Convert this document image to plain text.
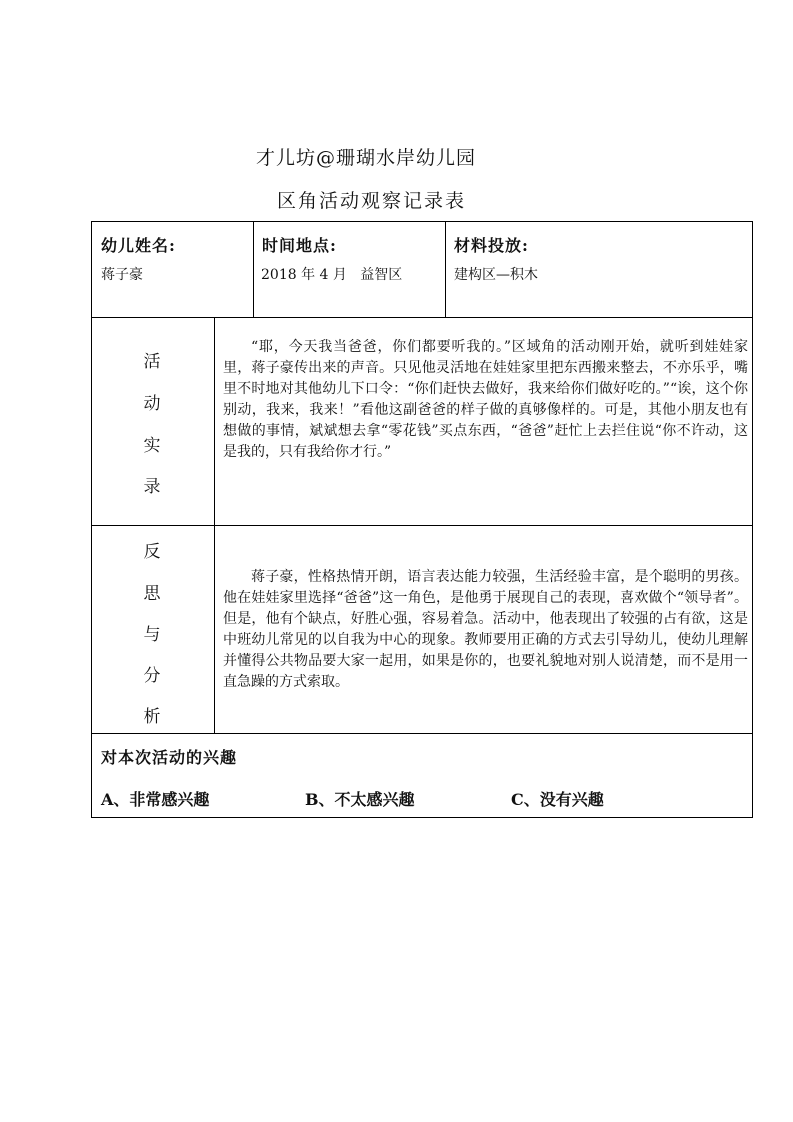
才儿坊@珊瑚水岸幼儿园
区角活动观察记录表
幼儿姓名:
蒋子豪
时间地点:
2018 年 4 月   益智区
材料投放:
建构区—积木
活
动
实
录
“耶，今天我当爸爸，你们都要听我的。”区域角的活动刚开始，就听到娃娃家里，蒋子豪传出来的声音。只见他灵活地在娃娃家里把东西搬来整去，不亦乐乎，嘴里不时地对其他幼儿下口令：“你们赶快去做好，我来给你们做好吃的。”“诶，这个你别动，我来，我来！”看他这副爸爸的样子做的真够像样的。可是，其他小朋友也有想做的事情，斌斌想去拿“零花钱”买点东西，“爸爸”赶忙上去拦住说“你不许动，这是我的，只有我给你才行。”
反
思
与
分
析
蒋子豪，性格热情开朗，语言表达能力较强，生活经验丰富，是个聪明的男孩。他在娃娃家里选择“爸爸”这一角色，是他勇于展现自己的表现，喜欢做个“领导者”。但是，他有个缺点，好胜心强，容易着急。活动中，他表现出了较强的占有欲，这是中班幼儿常见的以自我为中心的现象。教师要用正确的方式去引导幼儿，使幼儿理解并懂得公共物品要大家一起用，如果是你的，也要礼貌地对别人说清楚，而不是用一直急躁的方式索取。
对本次活动的兴趣
A、非常感兴趣	B、不太感兴趣	C、没有兴趣
